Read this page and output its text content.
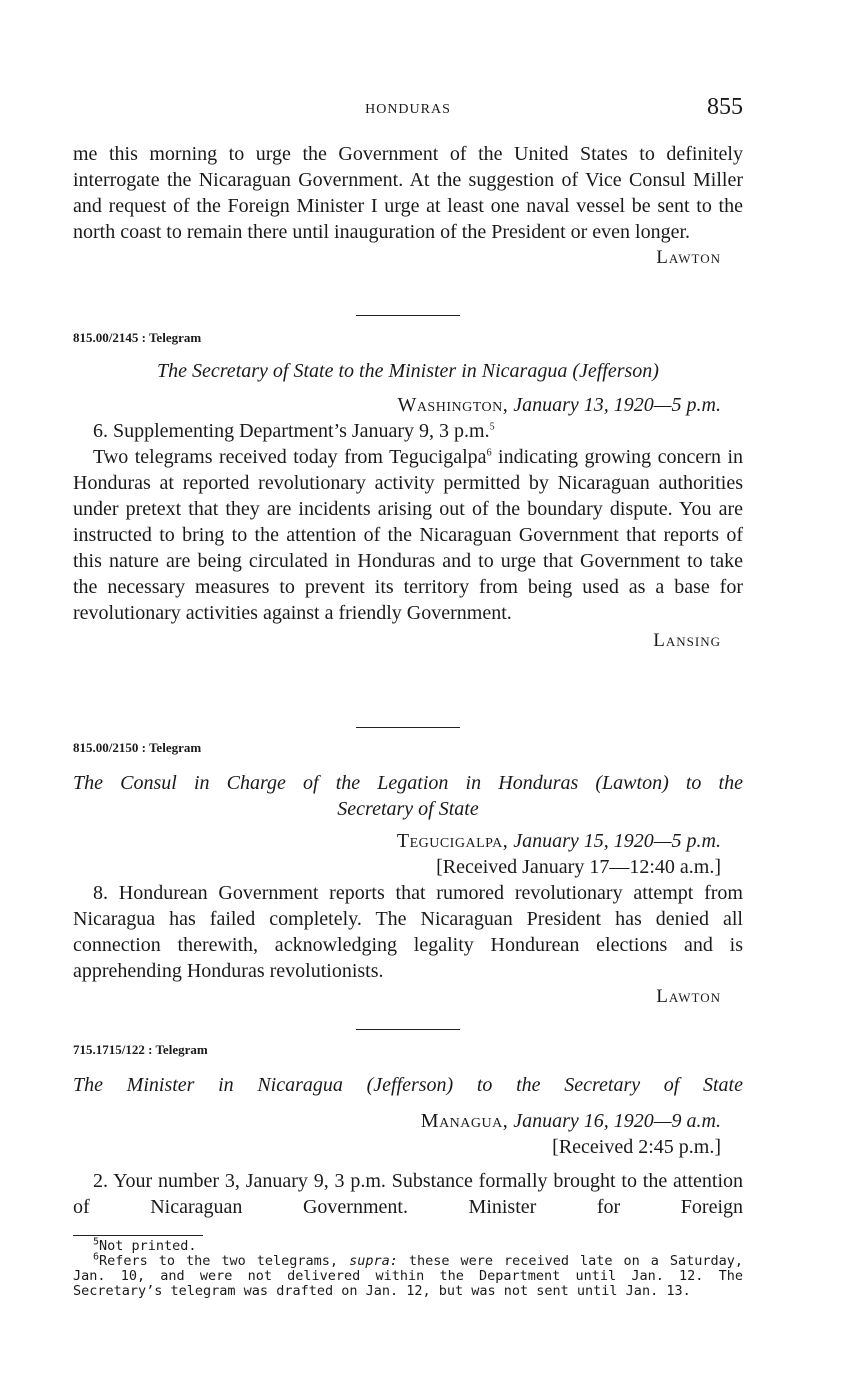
HONDURAS	855

me this morning to urge the Government of the United States to definitely interrogate the Nicaraguan Government. At the suggestion of Vice Consul Miller and request of the Foreign Minister I urge at least one naval vessel be sent to the north coast to remain there until inauguration of the President or even longer.

Lawton

815.00/2145 : Telegram

The Secretary of State to the Minister in Nicaragua (Jefferson)

Washington, January 13, 1920—5 p.m.

6. Supplementing Department’s January 9, 3 p.m.$^5$

Two telegrams received today from Tegucigalpa$^6$ indicating growing concern in Honduras at reported revolutionary activity permitted by Nicaraguan authorities under pretext that they are incidents arising out of the boundary dispute. You are instructed to bring to the attention of the Nicaraguan Government that reports of this nature are being circulated in Honduras and to urge that Government to take the necessary measures to prevent its territory from being used as a base for revolutionary activities against a friendly Government.

Lansing

815.00/2150 : Telegram

The Consul in Charge of the Legation in Honduras (Lawton) to the

Secretary of State

Tegucigalpa, January 15, 1920—5 p.m.

[Received January 17—12:40 a.m.]

8. Hondurean Government reports that rumored revolutionary attempt from Nicaragua has failed completely. The Nicaraguan President has denied all connection therewith, acknowledging legality Hondurean elections and is apprehending Honduras revolutionists.

Lawton

715.1715/122 : Telegram

The Minister in Nicaragua (Jefferson) to the Secretary of State

Managua, January 16, 1920—9 a.m.

[Received 2:45 p.m.]

2. Your number 3, January 9, 3 p.m. Substance formally brought to the attention of Nicaraguan Government. Minister for Foreign

$^5$Not printed.

$^6$Refers to the two telegrams, supra: these were received late on a Saturday, Jan. 10, and were not delivered within the Department until Jan. 12. The Secretary’s telegram was drafted on Jan. 12, but was not sent until Jan. 13.
